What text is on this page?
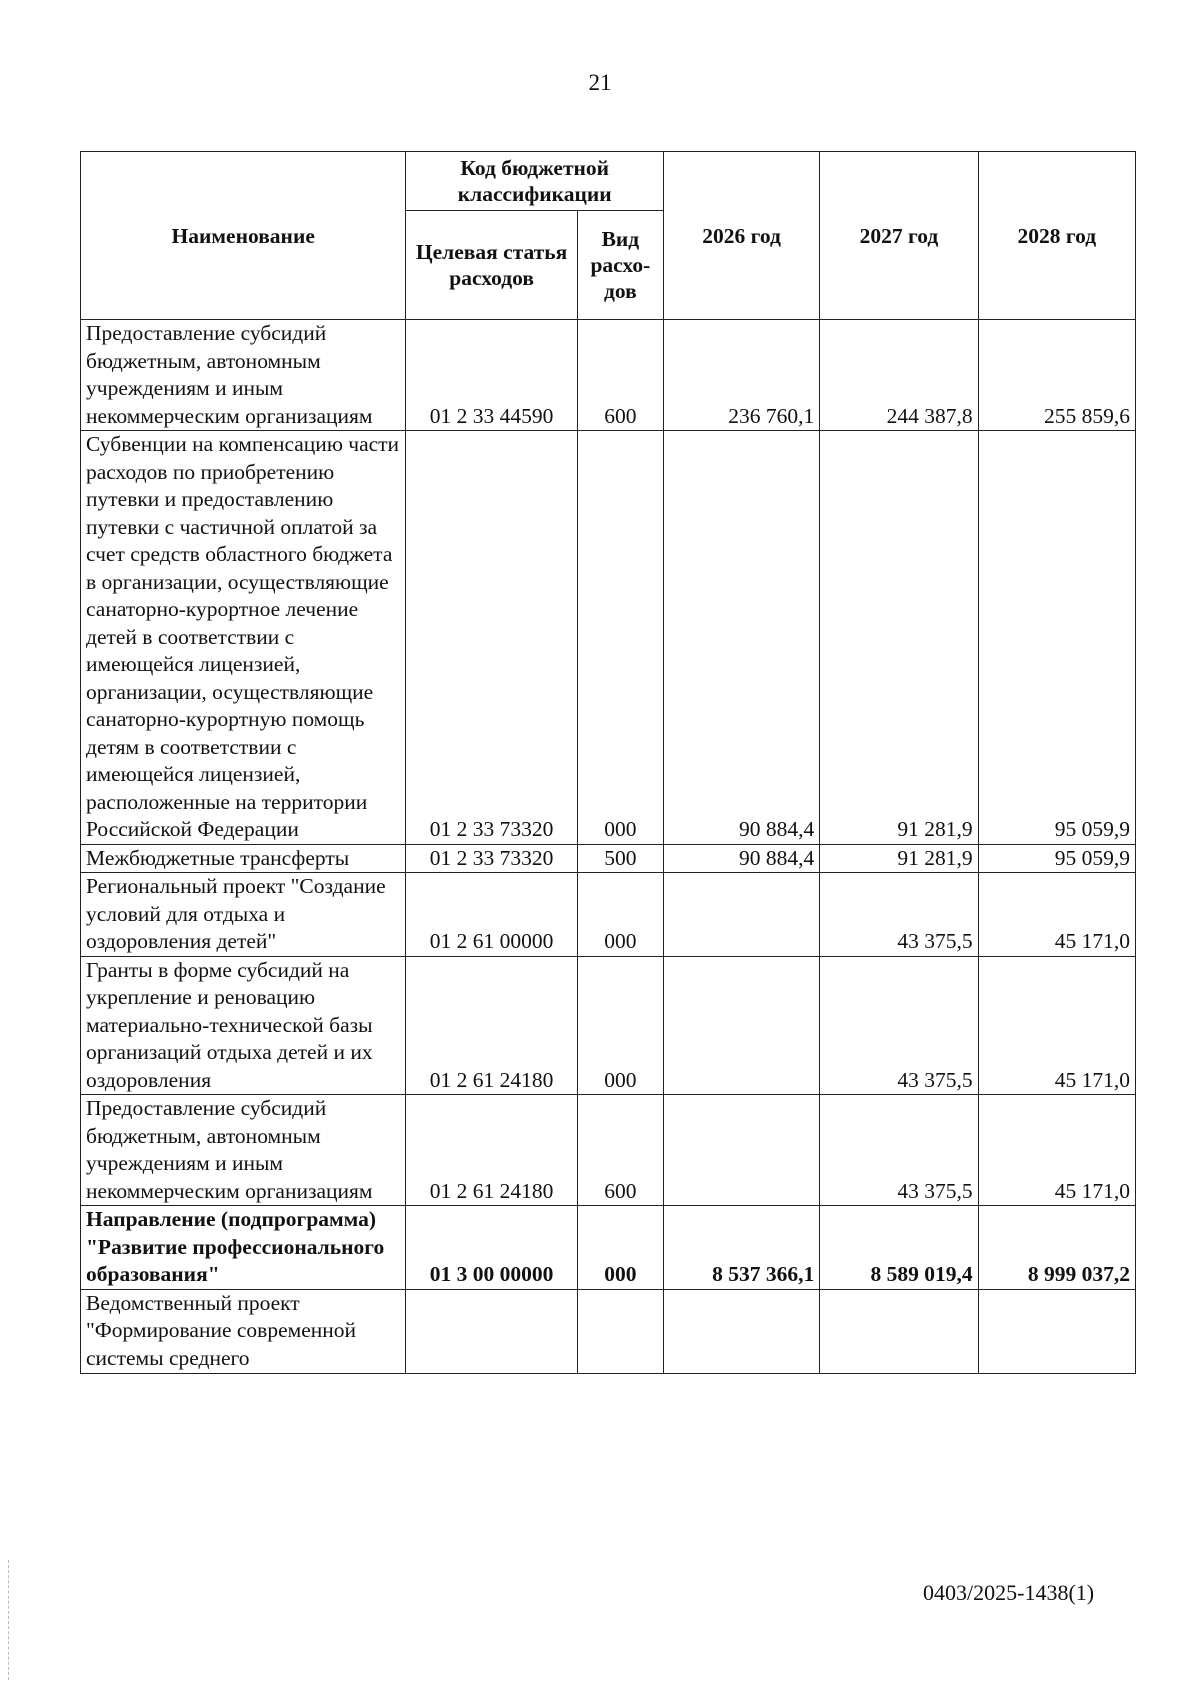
21
Наименование	Код бюджетной классификации		2026 год	2027 год	2028 год
	Целевая статья расходов	Вид расхо-дов			
Предоставление субсидий бюджетным, автономным учреждениям и иным некоммерческим организациям	01 2 33 44590	600	236 760,1	244 387,8	255 859,6
Субвенции на компенсацию части расходов по приобретению путевки и предоставлению путевки с частичной оплатой за счет средств областного бюджета в организации, осуществляющие санаторно-курортное лечение детей в соответствии с имеющейся лицензией, организации, осуществляющие санаторно-курортную помощь детям в соответствии с имеющейся лицензией, расположенные на территории Российской Федерации	01 2 33 73320	000	90 884,4	91 281,9	95 059,9
Межбюджетные трансферты	01 2 33 73320	500	90 884,4	91 281,9	95 059,9
Региональный проект "Создание условий для отдыха и оздоровления детей"	01 2 61 00000	000		43 375,5	45 171,0
Гранты в форме субсидий на укрепление и реновацию материально-технической базы организаций отдыха детей и их оздоровления	01 2 61 24180	000		43 375,5	45 171,0
Предоставление субсидий бюджетным, автономным учреждениям и иным некоммерческим организациям	01 2 61 24180	600		43 375,5	45 171,0
Направление (подпрограмма) "Развитие профессионального образования"	01 3 00 00000	000	8 537 366,1	8 589 019,4	8 999 037,2
Ведомственный проект "Формирование современной системы среднего					
0403/2025-1438(1)
